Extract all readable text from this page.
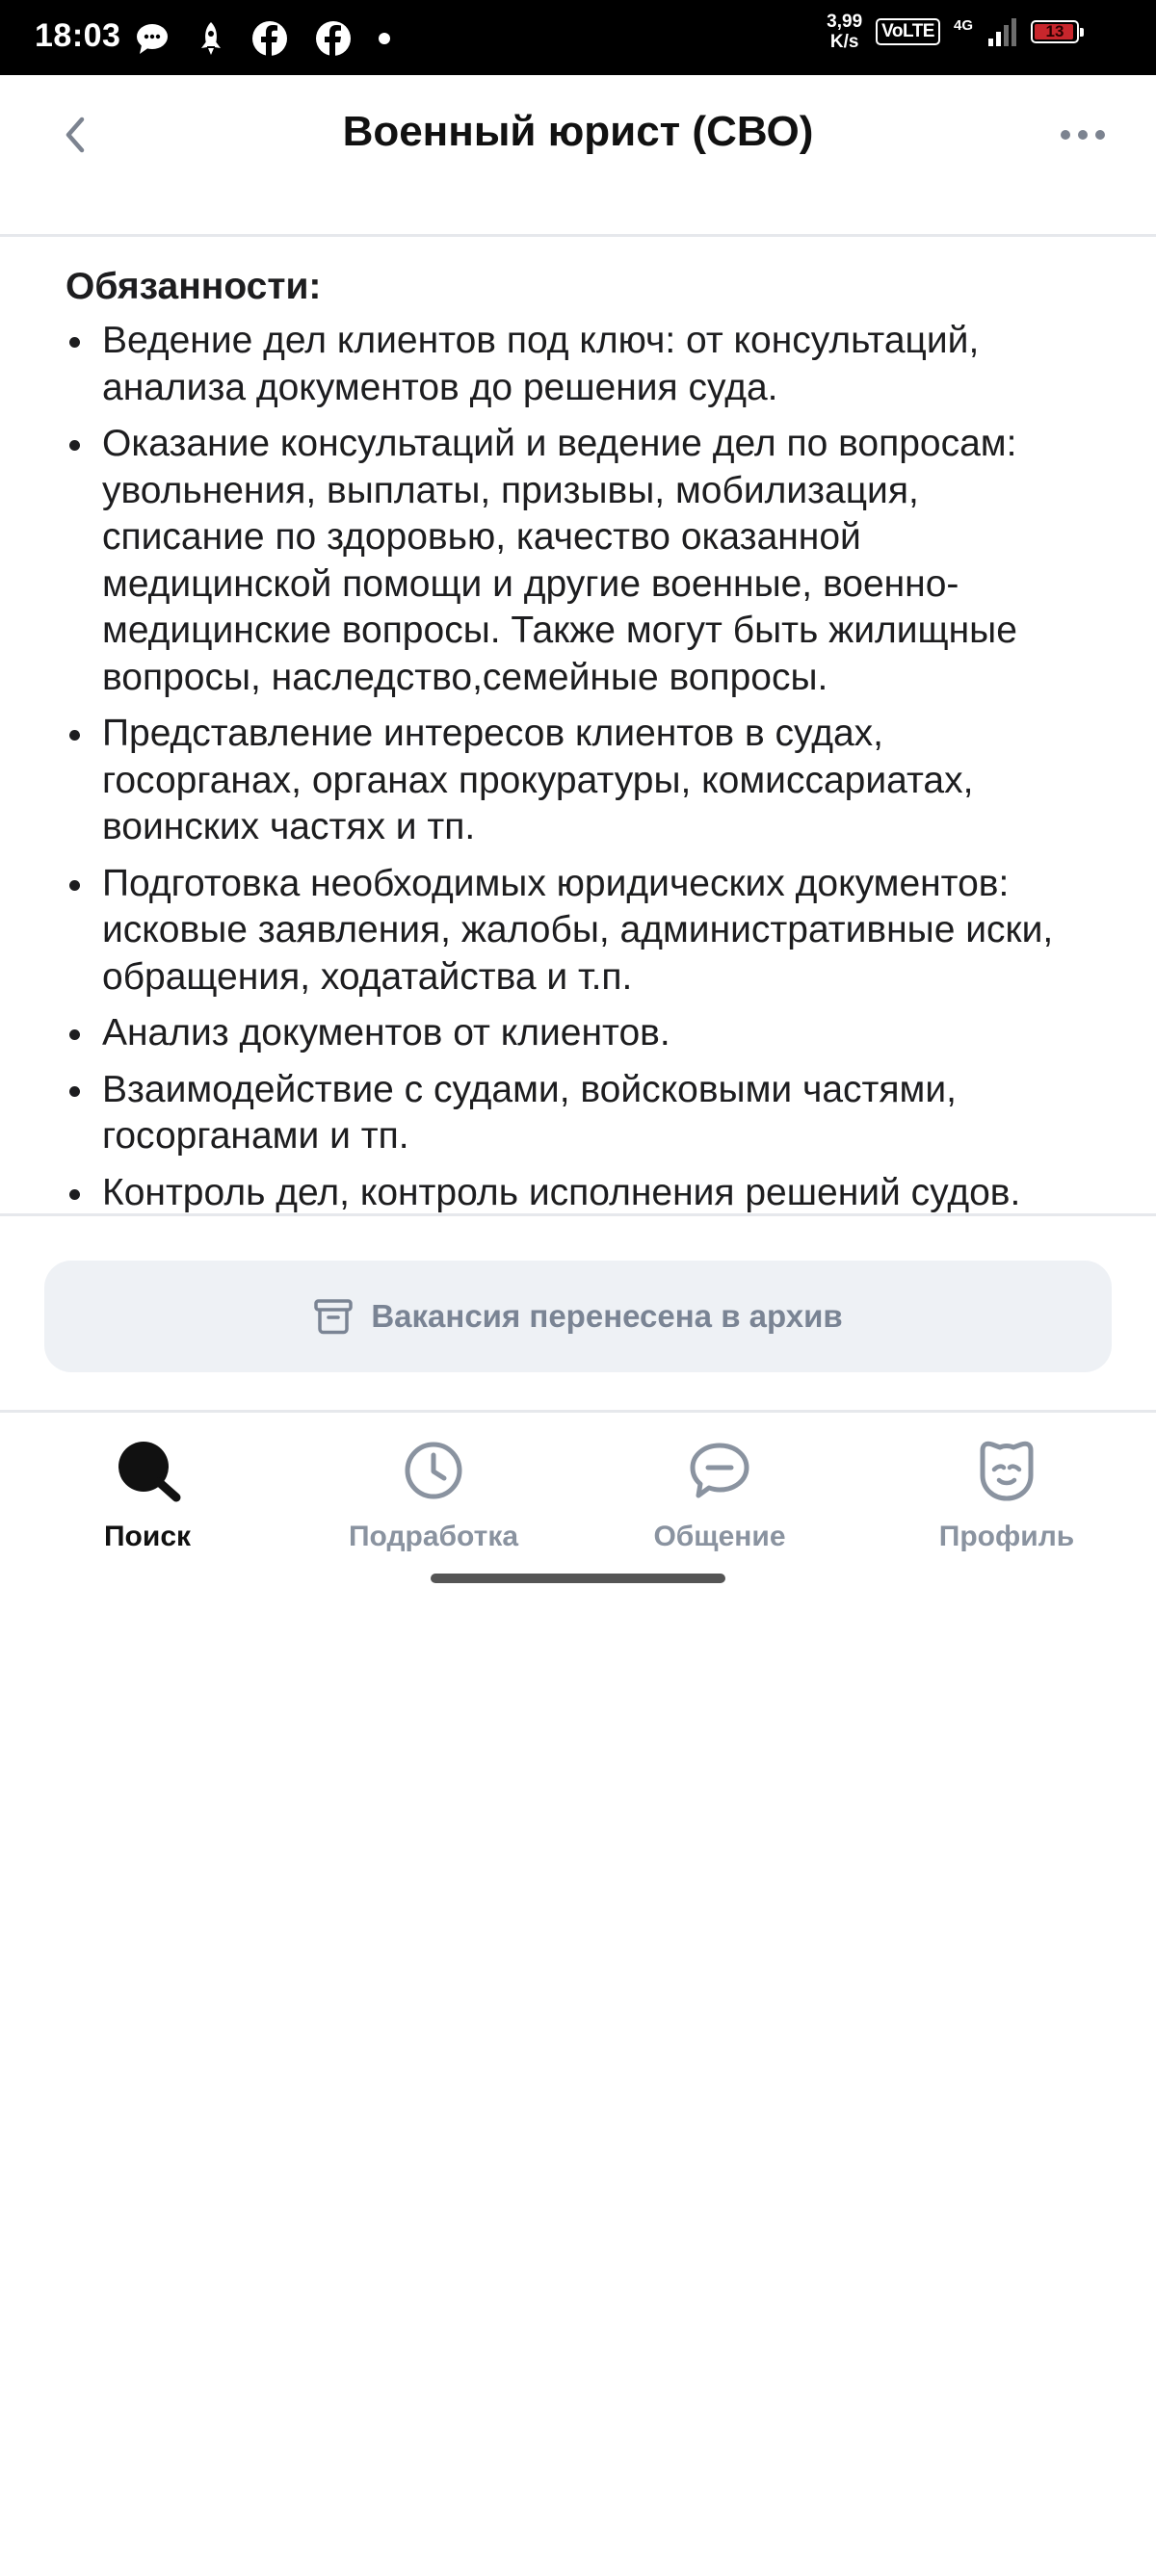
18:03	3,99
K/s
VoLTE	4G	13
Военный юрист (СВО)
Обязанности:
Ведение дел клиентов под ключ: от консультаций, анализа документов до решения суда.
Оказание консультаций и ведение дел по вопросам: увольнения, выплаты, призывы, мобилизация, списание по здоровью, качество оказанной медицинской помощи и другие военные, военно-медицинские вопросы. Также могут быть жилищные вопросы, наследство,семейные вопросы.
Представление интересов клиентов в судах, госорганах, органах прокуратуры, комиссариатах, воинских частях и тп.
Подготовка необходимых юридических документов: исковые заявления, жалобы, административные иски, обращения, ходатайства и т.п.
Анализ документов от клиентов.
Взаимодействие с судами, войсковыми частями, госорганами и тп.
Контроль дел, контроль исполнения решений судов.
Вакансия перенесена в архив
Поиск	Подработка	Общение	Профиль
